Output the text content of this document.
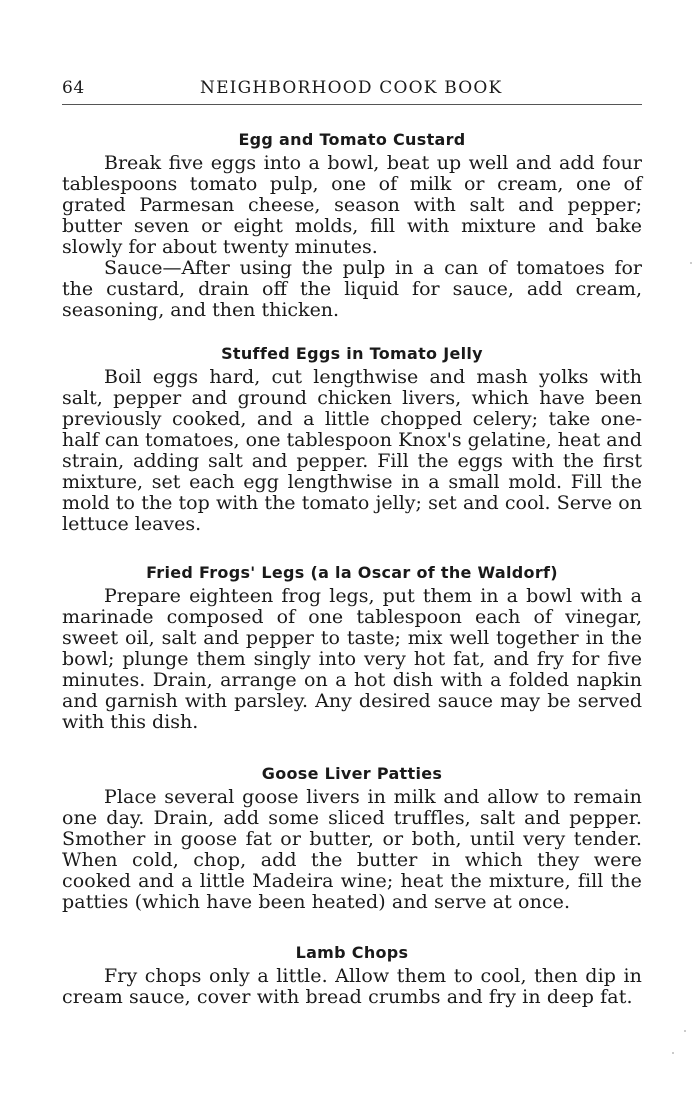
64	NEIGHBORHOOD COOK BOOK
Egg and Tomato Custard

Break five eggs into a bowl, beat up well and add four tablespoons tomato pulp, one of milk or cream, one of grated Parmesan cheese, season with salt and pepper; butter seven or eight molds, fill with mixture and bake slowly for about twenty minutes.

Sauce—After using the pulp in a can of tomatoes for the custard, drain off the liquid for sauce, add cream, seasoning, and then thicken.

Stuffed Eggs in Tomato Jelly

Boil eggs hard, cut lengthwise and mash yolks with salt, pepper and ground chicken livers, which have been previously cooked, and a little chopped celery; take one-half can tomatoes, one tablespoon Knox's gelatine, heat and strain, adding salt and pepper. Fill the eggs with the first mixture, set each egg lengthwise in a small mold. Fill the mold to the top with the tomato jelly; set and cool. Serve on lettuce leaves.

Fried Frogs' Legs (a la Oscar of the Waldorf)

Prepare eighteen frog legs, put them in a bowl with a marinade composed of one tablespoon each of vinegar, sweet oil, salt and pepper to taste; mix well together in the bowl; plunge them singly into very hot fat, and fry for five minutes. Drain, arrange on a hot dish with a folded napkin and garnish with parsley. Any desired sauce may be served with this dish.

Goose Liver Patties

Place several goose livers in milk and allow to remain one day. Drain, add some sliced truffles, salt and pepper. Smother in goose fat or butter, or both, until very tender. When cold, chop, add the butter in which they were cooked and a little Madeira wine; heat the mixture, fill the patties (which have been heated) and serve at once.

Lamb Chops

Fry chops only a little. Allow them to cool, then dip in cream sauce, cover with bread crumbs and fry in deep fat.
